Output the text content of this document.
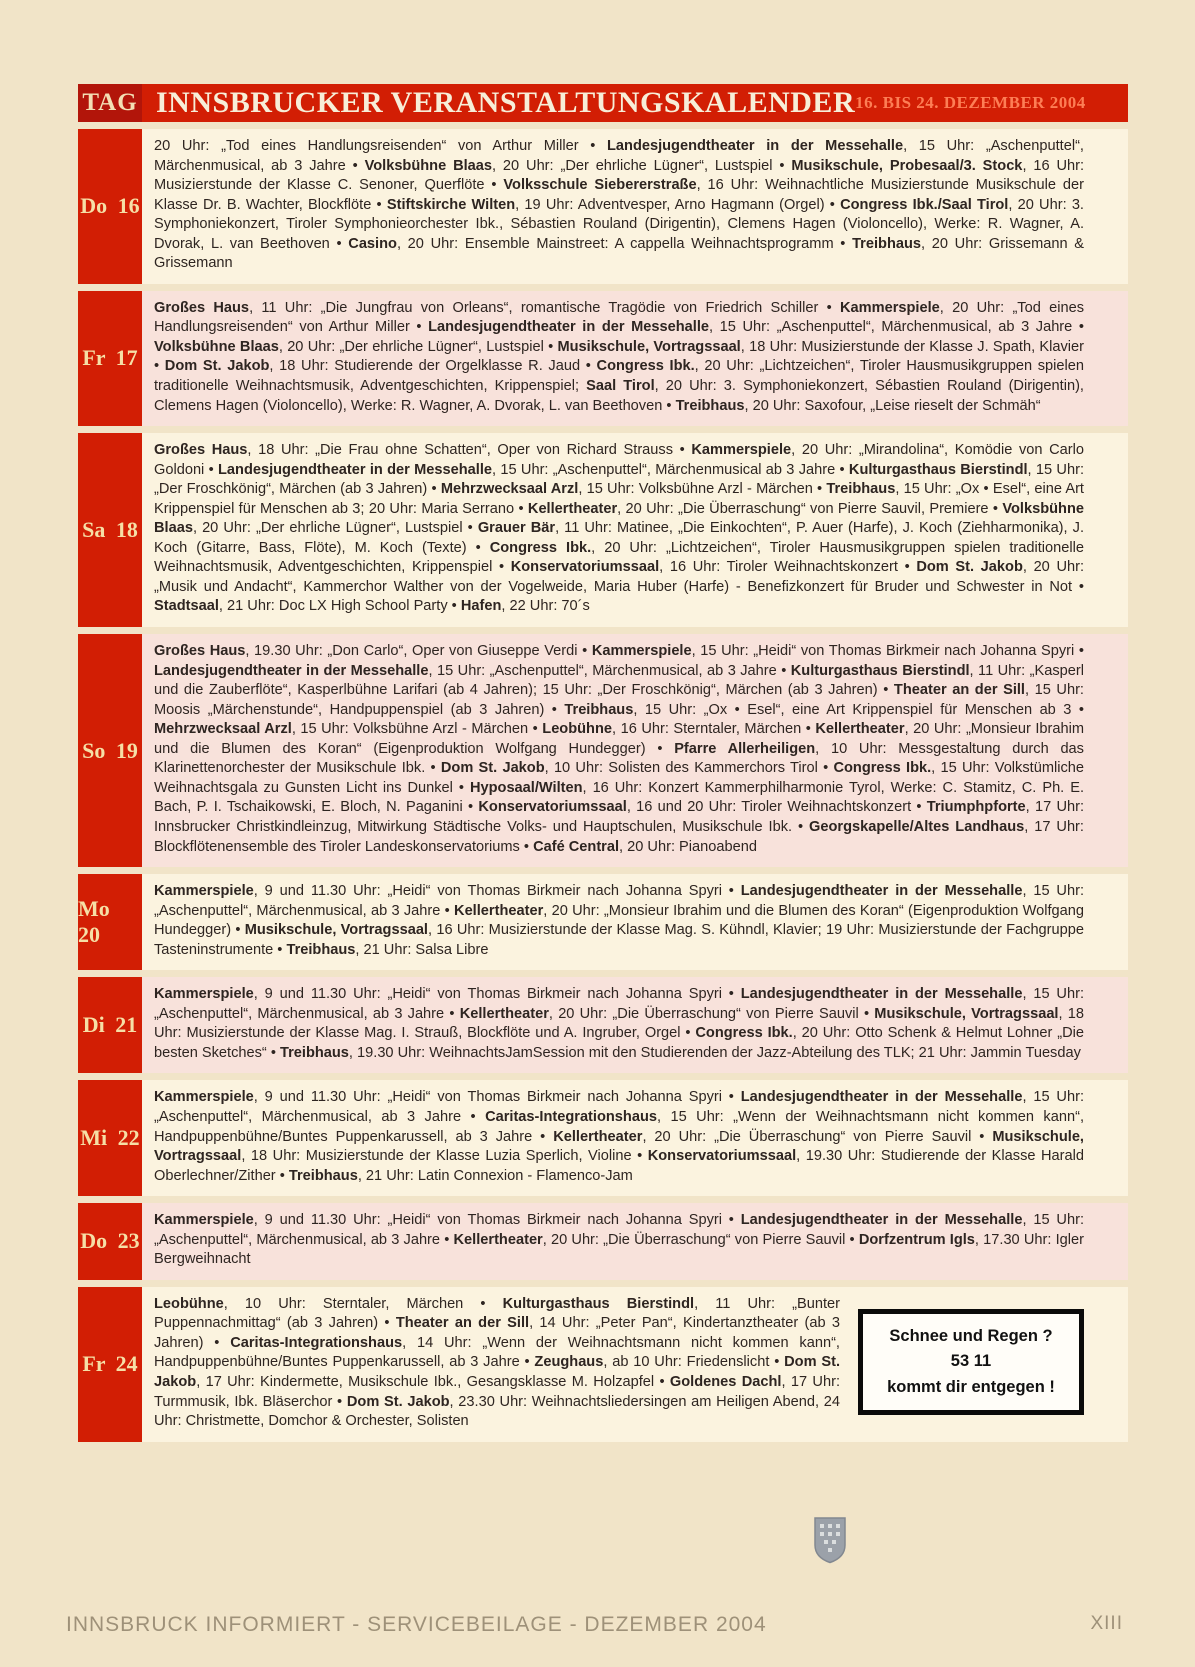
TAG INNSBRUCKER VERANSTALTUNGSKALENDER 16. BIS 24. DEZEMBER 2004
Do 16
20 Uhr: „Tod eines Handlungsreisenden“ von Arthur Miller • Landesjugendtheater in der Messehalle, 15 Uhr: „Aschenputtel“, Märchenmusical, ab 3 Jahre • Volksbühne Blaas, 20 Uhr: „Der ehrliche Lügner“, Lustspiel • Musikschule, Probesaal/3. Stock, 16 Uhr: Musizierstunde der Klasse C. Senoner, Querflöte • Volksschule Siebererstraße, 16 Uhr: Weihnachtliche Musizierstunde Musikschule der Klasse Dr. B. Wachter, Blockflöte • Stiftskirche Wilten, 19 Uhr: Adventvesper, Arno Hagmann (Orgel) • Congress Ibk./Saal Tirol, 20 Uhr: 3. Symphoniekonzert, Tiroler Symphonieorchester Ibk., Sébastien Rouland (Dirigentin), Clemens Hagen (Violoncello), Werke: R. Wagner, A. Dvorak, L. van Beethoven • Casino, 20 Uhr: Ensemble Mainstreet: A cappella Weihnachtsprogramm • Treibhaus, 20 Uhr: Grissemann & Grissemann
Fr 17
Großes Haus, 11 Uhr: „Die Jungfrau von Orleans“, romantische Tragödie von Friedrich Schiller • Kammerspiele, 20 Uhr: „Tod eines Handlungsreisenden“ von Arthur Miller • Landesjugendtheater in der Messehalle, 15 Uhr: „Aschenputtel“, Märchenmusical, ab 3 Jahre • Volksbühne Blaas, 20 Uhr: „Der ehrliche Lügner“, Lustspiel • Musikschule, Vortragssaal, 18 Uhr: Musizierstunde der Klasse J. Spath, Klavier • Dom St. Jakob, 18 Uhr: Studierende der Orgelklasse R. Jaud • Congress Ibk., 20 Uhr: „Lichtzeichen“, Tiroler Hausmusikgruppen spielen traditionelle Weihnachtsmusik, Adventgeschichten, Krippenspiel; Saal Tirol, 20 Uhr: 3. Symphoniekonzert, Sébastien Rouland (Dirigentin), Clemens Hagen (Violoncello), Werke: R. Wagner, A. Dvorak, L. van Beethoven • Treibhaus, 20 Uhr: Saxofour, „Leise rieselt der Schmäh“
Sa 18
Großes Haus, 18 Uhr: „Die Frau ohne Schatten“, Oper von Richard Strauss • Kammerspiele, 20 Uhr: „Mirandolina“, Komödie von Carlo Goldoni • Landesjugendtheater in der Messehalle, 15 Uhr: „Aschenputtel“, Märchenmusical ab 3 Jahre • Kulturgasthaus Bierstindl, 15 Uhr: „Der Froschkönig“, Märchen (ab 3 Jahren) • Mehrzwecksaal Arzl, 15 Uhr: Volksbühne Arzl - Märchen • Treibhaus, 15 Uhr: „Ox • Esel“, eine Art Krippenspiel für Menschen ab 3; 20 Uhr: Maria Serrano • Kellertheater, 20 Uhr: „Die Überraschung“ von Pierre Sauvil, Premiere • Volksbühne Blaas, 20 Uhr: „Der ehrliche Lügner“, Lustspiel • Grauer Bär, 11 Uhr: Matinee, „Die Einkochten“, P. Auer (Harfe), J. Koch (Ziehharmonika), J. Koch (Gitarre, Bass, Flöte), M. Koch (Texte) • Congress Ibk., 20 Uhr: „Lichtzeichen“, Tiroler Hausmusikgruppen spielen traditionelle Weihnachtsmusik, Adventgeschichten, Krippenspiel • Konservatoriumssaal, 16 Uhr: Tiroler Weihnachtskonzert • Dom St. Jakob, 20 Uhr: „Musik und Andacht“, Kammerchor Walther von der Vogelweide, Maria Huber (Harfe) - Benefizkonzert für Bruder und Schwester in Not • Stadtsaal, 21 Uhr: Doc LX High School Party • Hafen, 22 Uhr: 70´s
So 19
Großes Haus, 19.30 Uhr: „Don Carlo“, Oper von Giuseppe Verdi • Kammerspiele, 15 Uhr: „Heidi“ von Thomas Birkmeir nach Johanna Spyri • Landesjugendtheater in der Messehalle, 15 Uhr: „Aschenputtel“, Märchenmusical, ab 3 Jahre • Kulturgasthaus Bierstindl, 11 Uhr: „Kasperl und die Zauberflöte“, Kasperlbühne Larifari (ab 4 Jahren); 15 Uhr: „Der Froschkönig“, Märchen (ab 3 Jahren) • Theater an der Sill, 15 Uhr: Moosis „Märchenstunde“, Handpuppenspiel (ab 3 Jahren) • Treibhaus, 15 Uhr: „Ox • Esel“, eine Art Krippenspiel für Menschen ab 3 • Mehrzwecksaal Arzl, 15 Uhr: Volksbühne Arzl - Märchen • Leobühne, 16 Uhr: Sterntaler, Märchen • Kellertheater, 20 Uhr: „Monsieur Ibrahim und die Blumen des Koran“ (Eigenproduktion Wolfgang Hundegger) • Pfarre Allerheiligen, 10 Uhr: Messgestaltung durch das Klarinettenorchester der Musikschule Ibk. • Dom St. Jakob, 10 Uhr: Solisten des Kammerchors Tirol • Congress Ibk., 15 Uhr: Volkstümliche Weihnachtsgala zu Gunsten Licht ins Dunkel • Hyposaal/Wilten, 16 Uhr: Konzert Kammerphilharmonie Tyrol, Werke: C. Stamitz, C. Ph. E. Bach, P. I. Tschaikowski, E. Bloch, N. Paganini • Konservatoriumssaal, 16 und 20 Uhr: Tiroler Weihnachtskonzert • Triumphpforte, 17 Uhr: Innsbrucker Christkindleinzug, Mitwirkung Städtische Volks- und Hauptschulen, Musikschule Ibk. • Georgskapelle/Altes Landhaus, 17 Uhr: Blockflötenensemble des Tiroler Landeskonservatoriums • Café Central, 20 Uhr: Pianoabend
Mo 20
Kammerspiele, 9 und 11.30 Uhr: „Heidi“ von Thomas Birkmeir nach Johanna Spyri • Landesjugendtheater in der Messehalle, 15 Uhr: „Aschenputtel“, Märchenmusical, ab 3 Jahre • Kellertheater, 20 Uhr: „Monsieur Ibrahim und die Blumen des Koran“ (Eigenproduktion Wolfgang Hundegger) • Musikschule, Vortragssaal, 16 Uhr: Musizierstunde der Klasse Mag. S. Kühndl, Klavier; 19 Uhr: Musizierstunde der Fachgruppe Tasteninstrumente • Treibhaus, 21 Uhr: Salsa Libre
Di 21
Kammerspiele, 9 und 11.30 Uhr: „Heidi“ von Thomas Birkmeir nach Johanna Spyri • Landesjugendtheater in der Messehalle, 15 Uhr: „Aschenputtel“, Märchenmusical, ab 3 Jahre • Kellertheater, 20 Uhr: „Die Überraschung“ von Pierre Sauvil • Musikschule, Vortragssaal, 18 Uhr: Musizierstunde der Klasse Mag. I. Strauß, Blockflöte und A. Ingruber, Orgel • Congress Ibk., 20 Uhr: Otto Schenk & Helmut Lohner „Die besten Sketches“ • Treibhaus, 19.30 Uhr: WeihnachtsJamSession mit den Studierenden der Jazz-Abteilung des TLK; 21 Uhr: Jammin Tuesday
Mi 22
Kammerspiele, 9 und 11.30 Uhr: „Heidi“ von Thomas Birkmeir nach Johanna Spyri • Landesjugendtheater in der Messehalle, 15 Uhr: „Aschenputtel“, Märchenmusical, ab 3 Jahre • Caritas-Integrationshaus, 15 Uhr: „Wenn der Weihnachtsmann nicht kommen kann“, Handpuppenbühne/Buntes Puppenkarussell, ab 3 Jahre • Kellertheater, 20 Uhr: „Die Überraschung“ von Pierre Sauvil • Musikschule, Vortragssaal, 18 Uhr: Musizierstunde der Klasse Luzia Sperlich, Violine • Konservatoriumssaal, 19.30 Uhr: Studierende der Klasse Harald Oberlechner/Zither • Treibhaus, 21 Uhr: Latin Connexion - Flamenco-Jam
Do 23
Kammerspiele, 9 und 11.30 Uhr: „Heidi“ von Thomas Birkmeir nach Johanna Spyri • Landesjugendtheater in der Messehalle, 15 Uhr: „Aschenputtel“, Märchenmusical, ab 3 Jahre • Kellertheater, 20 Uhr: „Die Überraschung“ von Pierre Sauvil • Dorfzentrum Igls, 17.30 Uhr: Igler Bergweihnacht
Fr 24
Schnee und Regen ?
53 11
kommt dir entgegen !
Leobühne, 10 Uhr: Sterntaler, Märchen • Kulturgasthaus Bierstindl, 11 Uhr: „Bunter Puppennachmittag“ (ab 3 Jahren) • Theater an der Sill, 14 Uhr: „Peter Pan“, Kindertanztheater (ab 3 Jahren) • Caritas-Integrationshaus, 14 Uhr: „Wenn der Weihnachtsmann nicht kommen kann“, Handpuppenbühne/Buntes Puppenkarussell, ab 3 Jahre • Zeughaus, ab 10 Uhr: Friedenslicht • Dom St. Jakob, 17 Uhr: Kindermette, Musikschule Ibk., Gesangsklasse M. Holzapfel • Goldenes Dachl, 17 Uhr: Turmmusik, Ibk. Bläserchor • Dom St. Jakob, 23.30 Uhr: Weihnachtsliedersingen am Heiligen Abend, 24 Uhr: Christmette, Domchor & Orchester, Solisten
INNSBRUCK INFORMIERT - SERVICEBEILAGE - DEZEMBER 2004	XIII
